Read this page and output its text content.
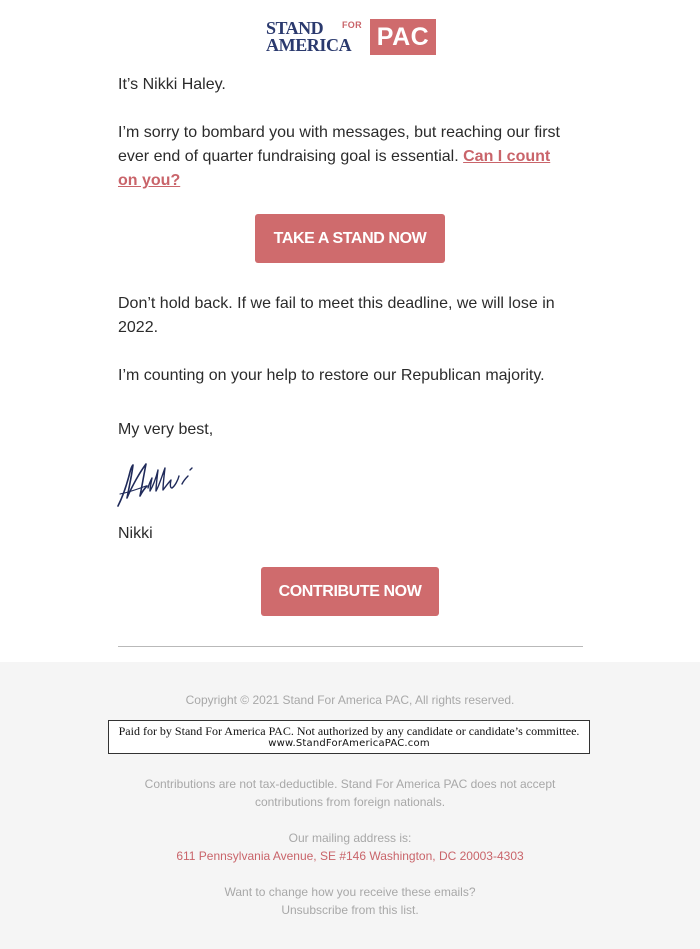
STAND FOR
AMERICA PAC

It’s Nikki Haley.

I’m sorry to bombard you with messages, but reaching our first ever end of quarter fundraising goal is essential. Can I count on you?

TAKE A STAND NOW

Don’t hold back. If we fail to meet this deadline, we will lose in 2022.

I’m counting on your help to restore our Republican majority.

My very best,

Nikki

CONTRIBUTE NOW

Copyright © 2021 Stand For America PAC, All rights reserved.

Paid for by Stand For America PAC. Not authorized by any candidate or candidate’s committee.
www.StandForAmericaPAC.com

Contributions are not tax-deductible. Stand For America PAC does not accept contributions from foreign nationals.

Our mailing address is:

611 Pennsylvania Avenue, SE #146 Washington, DC 20003-4303

Want to change how you receive these emails?

Unsubscribe from this list.
